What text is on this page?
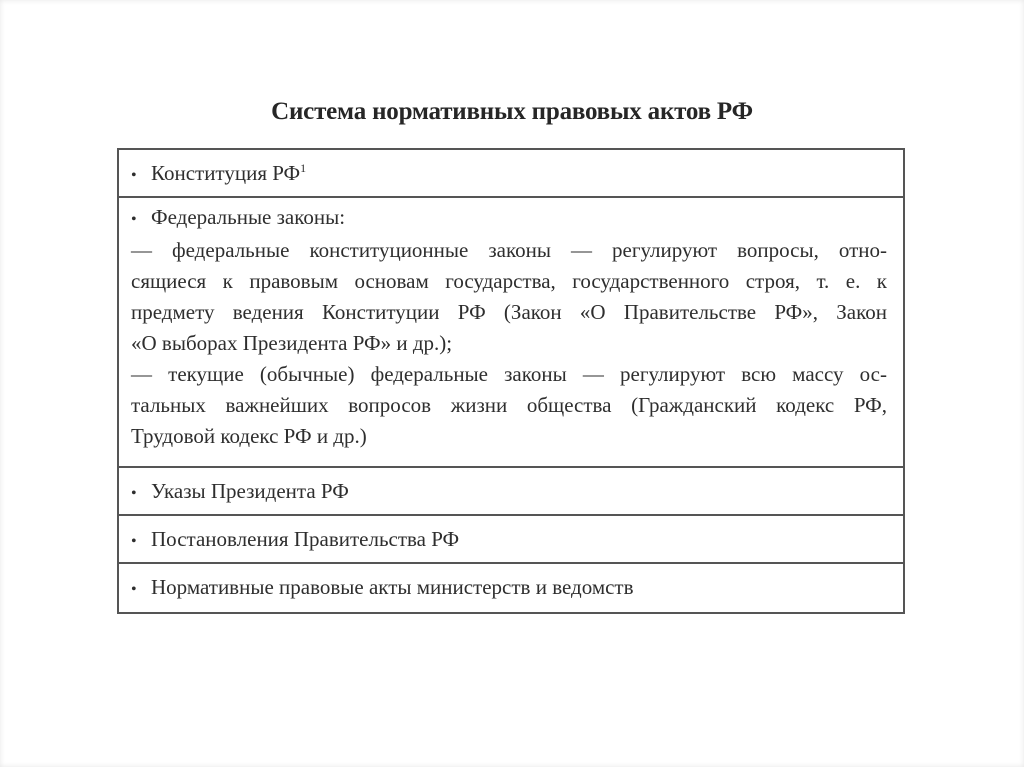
Система нормативных правовых актов РФ
• Конституция $РФ^1$
• Федеральные законы:
— федеральные конституционные законы — регулируют вопросы, отно-
сящиеся к правовым основам государства, государственного строя, т. е. к
предмету ведения Конституции РФ (Закон «О Правительстве РФ», Закон
«О выборах Президента РФ» и др.);
— текущие (обычные) федеральные законы — регулируют всю массу ос-
тальных важнейших вопросов жизни общества (Гражданский кодекс РФ,
Трудовой кодекс РФ и др.)
• Указы Президента РФ
• Постановления Правительства РФ
• Нормативные правовые акты министерств и ведомств
